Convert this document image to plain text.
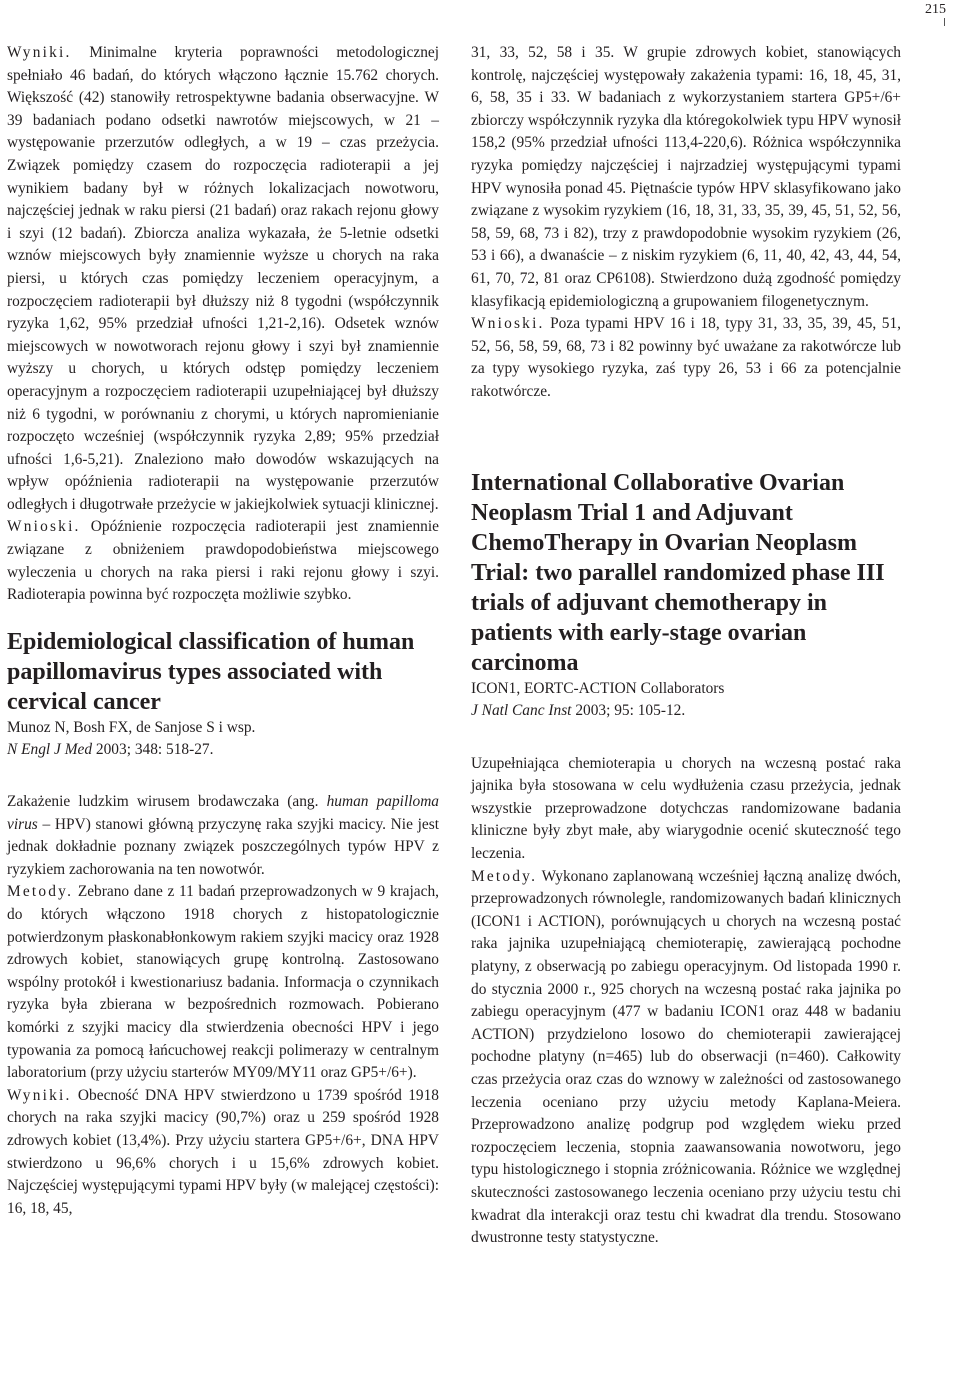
215

Wyniki. Minimalne kryteria poprawności metodologicznej spełniało 46 badań, do których włączono łącznie 15.762 chorych. Większość (42) stanowiły retrospektywne badania obserwacyjne. W 39 badaniach podano odsetki nawrotów miejscowych, w 21 – występowanie przerzutów odległych, a w 19 – czas przeżycia. Związek pomiędzy czasem do rozpoczęcia radioterapii a jej wynikiem badany był w różnych lokalizacjach nowotworu, najczęściej jednak w raku piersi (21 badań) oraz rakach rejonu głowy i szyi (12 badań). Zbiorcza analiza wykazała, że 5-letnie odsetki wznów miejscowych były znamiennie wyższe u chorych na raka piersi, u których czas pomiędzy leczeniem operacyjnym, a rozpoczęciem radioterapii był dłuższy niż 8 tygodni (współczynnik ryzyka 1,62, 95% przedział ufności 1,21-2,16). Odsetek wznów miejscowych w nowotworach rejonu głowy i szyi był znamiennie wyższy u chorych, u których odstęp pomiędzy leczeniem operacyjnym a rozpoczęciem radioterapii uzupełniającej był dłuższy niż 6 tygodni, w porównaniu z chorymi, u których napromienianie rozpoczęto wcześniej (współczynnik ryzyka 2,89; 95% przedział ufności 1,6-5,21). Znaleziono mało dowodów wskazujących na wpływ opóźnienia radioterapii na występowanie przerzutów odległych i długotrwałe przeżycie w jakiejkolwiek sytuacji klinicznej.

Wnioski. Opóźnienie rozpoczęcia radioterapii jest znamiennie związane z obniżeniem prawdopodobieństwa miejscowego wyleczenia u chorych na raka piersi i raki rejonu głowy i szyi. Radioterapia powinna być rozpoczęta możliwie szybko.

Epidemiological classification of human papillomavirus types associated with cervical cancer

Munoz N, Bosh FX, de Sanjose S i wsp.

N Engl J Med 2003; 348: 518-27.

Zakażenie ludzkim wirusem brodawczaka (ang. human papilloma virus – HPV) stanowi główną przyczynę raka szyjki macicy. Nie jest jednak dokładnie poznany związek poszczególnych typów HPV z ryzykiem zachorowania na ten nowotwór.

Metody. Zebrano dane z 11 badań przeprowadzonych w 9 krajach, do których włączono 1918 chorych z histopatologicznie potwierdzonym płaskonabłonkowym rakiem szyjki macicy oraz 1928 zdrowych kobiet, stanowiących grupę kontrolną. Zastosowano wspólny protokół i kwestionariusz badania. Informacja o czynnikach ryzyka była zbierana w bezpośrednich rozmowach. Pobierano komórki z szyjki macicy dla stwierdzenia obecności HPV i jego typowania za pomocą łańcuchowej reakcji polimerazy w centralnym laboratorium (przy użyciu starterów MY09/MY11 oraz GP5+/6+).

Wyniki. Obecność DNA HPV stwierdzono u 1739 spośród 1918 chorych na raka szyjki macicy (90,7%) oraz u 259 spośród 1928 zdrowych kobiet (13,4%). Przy użyciu startera GP5+/6+, DNA HPV stwierdzono u 96,6% chorych i u 15,6% zdrowych kobiet. Najczęściej występującymi typami HPV były (w malejącej częstości): 16, 18, 45,

31, 33, 52, 58 i 35. W grupie zdrowych kobiet, stanowiących kontrolę, najczęściej występowały zakażenia typami: 16, 18, 45, 31, 6, 58, 35 i 33. W badaniach z wykorzystaniem startera GP5+/6+ zbiorczy współczynnik ryzyka dla któregokolwiek typu HPV wynosił 158,2 (95% przedział ufności 113,4-220,6). Różnica współczynnika ryzyka pomiędzy najczęściej i najrzadziej występującymi typami HPV wynosiła ponad 45. Piętnaście typów HPV sklasyfikowano jako związane z wysokim ryzykiem (16, 18, 31, 33, 35, 39, 45, 51, 52, 56, 58, 59, 68, 73 i 82), trzy z prawdopodobnie wysokim ryzykiem (26, 53 i 66), a dwanaście – z niskim ryzykiem (6, 11, 40, 42, 43, 44, 54, 61, 70, 72, 81 oraz CP6108). Stwierdzono dużą zgodność pomiędzy klasyfikacją epidemiologiczną a grupowaniem filogenetycznym.

Wnioski. Poza typami HPV 16 i 18, typy 31, 33, 35, 39, 45, 51, 52, 56, 58, 59, 68, 73 i 82 powinny być uważane za rakotwórcze lub za typy wysokiego ryzyka, zaś typy 26, 53 i 66 za potencjalnie rakotwórcze.

International Collaborative Ovarian Neoplasm Trial 1 and Adjuvant ChemoTherapy in Ovarian Neoplasm Trial: two parallel randomized phase III trials of adjuvant chemotherapy in patients with early-stage ovarian carcinoma

ICON1, EORTC-ACTION Collaborators

J Natl Canc Inst 2003; 95: 105-12.

Uzupełniająca chemioterapia u chorych na wczesną postać raka jajnika była stosowana w celu wydłużenia czasu przeżycia, jednak wszystkie przeprowadzone dotychczas randomizowane badania kliniczne były zbyt małe, aby wiarygodnie ocenić skuteczność tego leczenia.

Metody. Wykonano zaplanowaną wcześniej łączną analizę dwóch, przeprowadzonych równolegle, randomizowanych badań klinicznych (ICON1 i ACTION), porównujących u chorych na wczesną postać raka jajnika uzupełniającą chemioterapię, zawierającą pochodne platyny, z obserwacją po zabiegu operacyjnym. Od listopada 1990 r. do stycznia 2000 r., 925 chorych na wczesną postać raka jajnika po zabiegu operacyjnym (477 w badaniu ICON1 oraz 448 w badaniu ACTION) przydzielono losowo do chemioterapii zawierającej pochodne platyny (n=465) lub do obserwacji (n=460). Całkowity czas przeżycia oraz czas do wznowy w zależności od zastosowanego leczenia oceniano przy użyciu metody Kaplana-Meiera. Przeprowadzono analizę podgrup pod względem wieku przed rozpoczęciem leczenia, stopnia zaawansowania nowotworu, jego typu histologicznego i stopnia zróżnicowania. Różnice we względnej skuteczności zastosowanego leczenia oceniano przy użyciu testu chi kwadrat dla interakcji oraz testu chi kwadrat dla trendu. Stosowano dwustronne testy statystyczne.
